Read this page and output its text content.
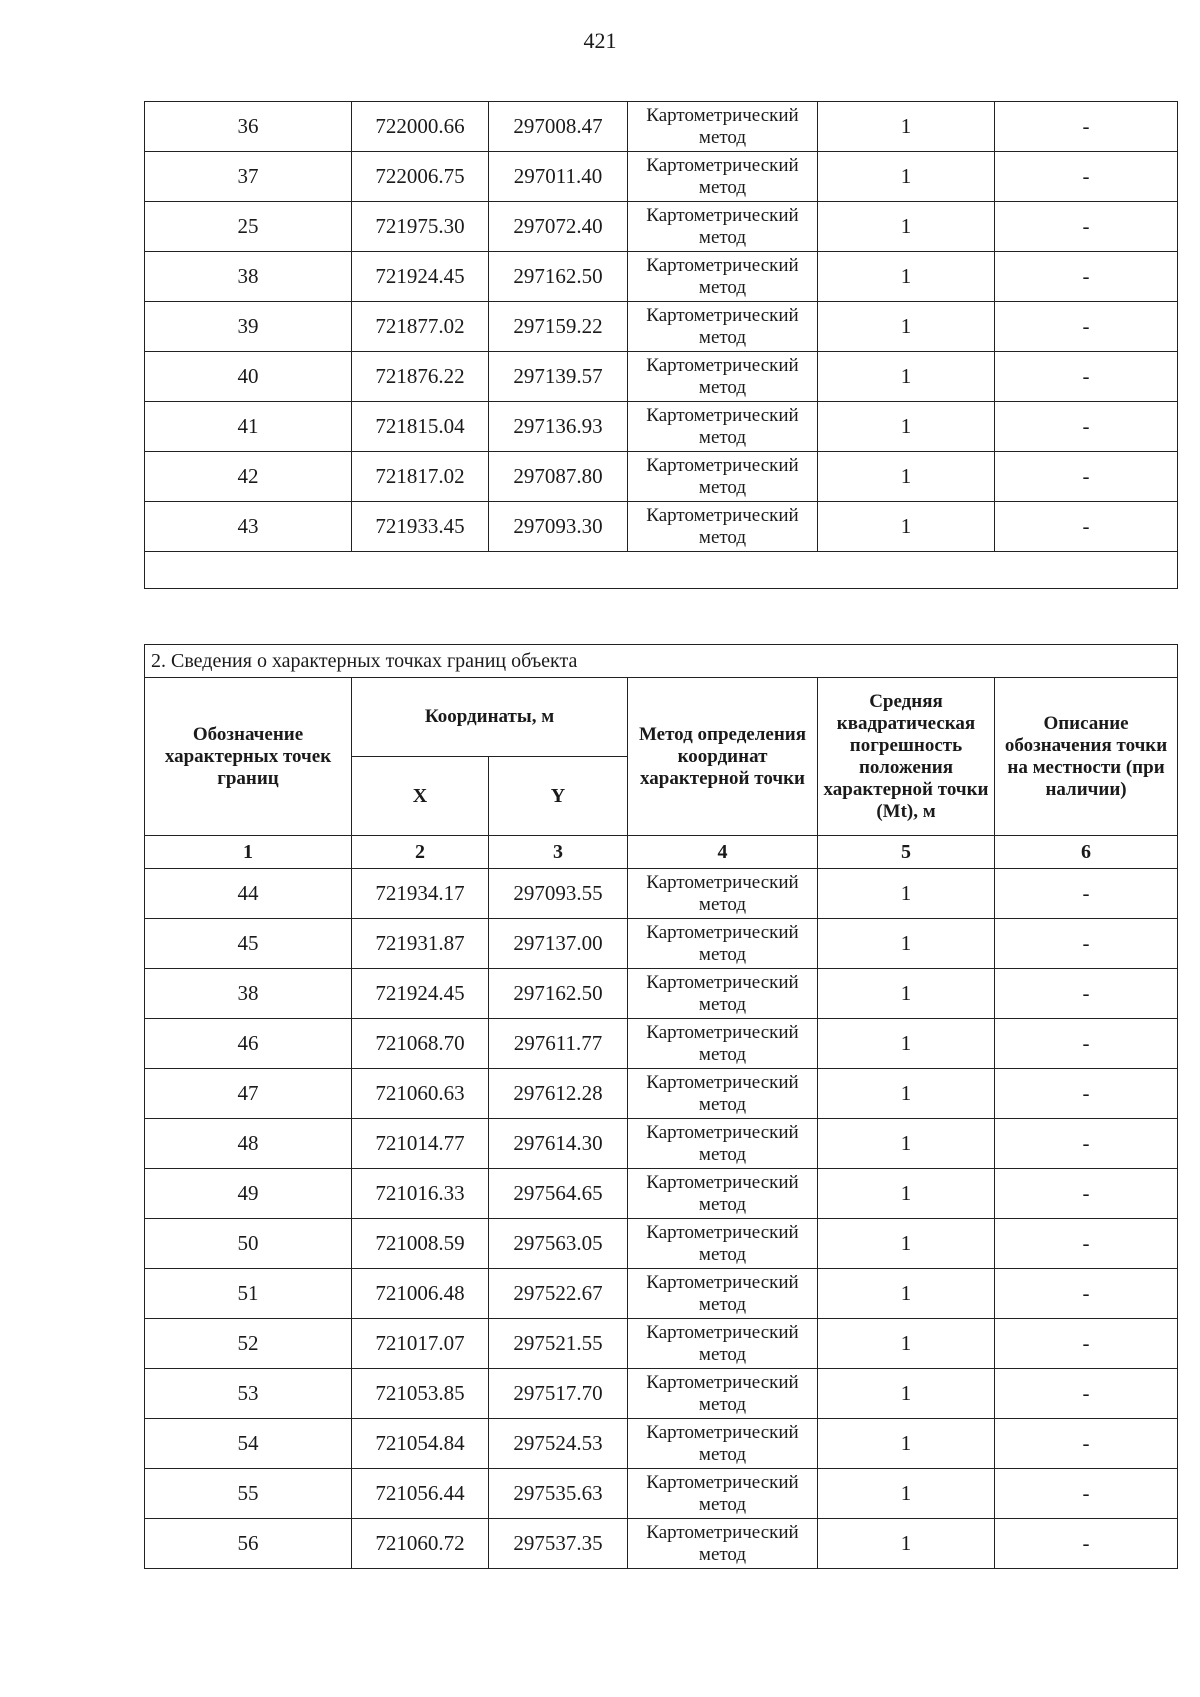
421
36	722000.66	297008.47	Картометрический метод	1	-
37	722006.75	297011.40	Картометрический метод	1	-
25	721975.30	297072.40	Картометрический метод	1	-
38	721924.45	297162.50	Картометрический метод	1	-
39	721877.02	297159.22	Картометрический метод	1	-
40	721876.22	297139.57	Картометрический метод	1	-
41	721815.04	297136.93	Картометрический метод	1	-
42	721817.02	297087.80	Картометрический метод	1	-
43	721933.45	297093.30	Картометрический метод	1	-

2. Сведения о характерных точках границ объекта					
Обозначение характерных точек границ	Координаты, м		Метод определения координат характерной точки	Средняя квадратическая погрешность положения характерной точки (Mt), м	Описание обозначения точки на местности (при наличии)
	X	Y			
1	2	3	4	5	6
44	721934.17	297093.55	Картометрический метод	1	-
45	721931.87	297137.00	Картометрический метод	1	-
38	721924.45	297162.50	Картометрический метод	1	-
46	721068.70	297611.77	Картометрический метод	1	-
47	721060.63	297612.28	Картометрический метод	1	-
48	721014.77	297614.30	Картометрический метод	1	-
49	721016.33	297564.65	Картометрический метод	1	-
50	721008.59	297563.05	Картометрический метод	1	-
51	721006.48	297522.67	Картометрический метод	1	-
52	721017.07	297521.55	Картометрический метод	1	-
53	721053.85	297517.70	Картометрический метод	1	-
54	721054.84	297524.53	Картометрический метод	1	-
55	721056.44	297535.63	Картометрический метод	1	-
56	721060.72	297537.35	Картометрический метод	1	-
